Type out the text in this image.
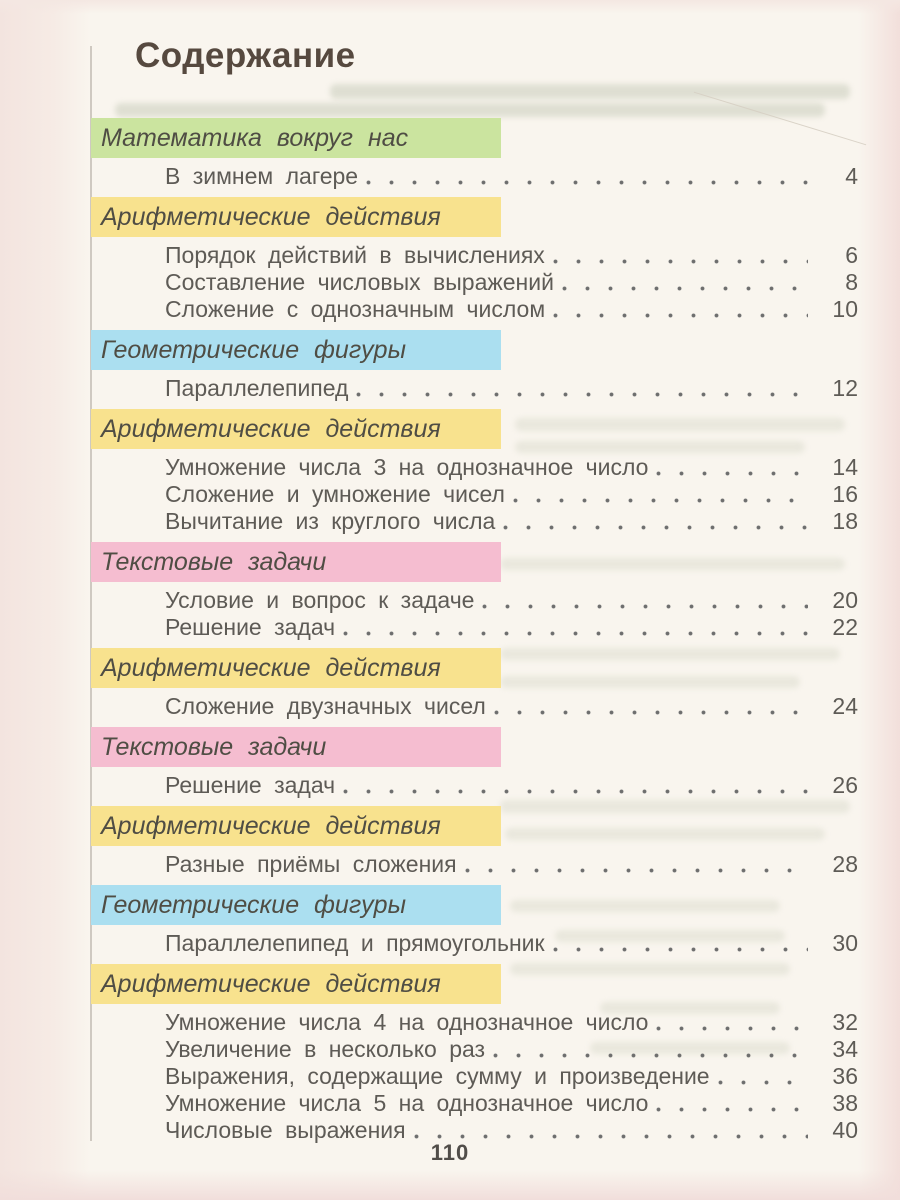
Содержание
Математика вокруг нас
В зимнем лагере	4
Арифметические действия
Порядок действий в вычислениях	6
Составление числовых выражений	8
Сложение с однозначным числом	10
Геометрические фигуры
Параллелепипед	12
Арифметические действия
Умножение числа 3 на однозначное число	14
Сложение и умножение чисел	16
Вычитание из круглого числа	18
Текстовые задачи
Условие и вопрос к задаче	20
Решение задач	22
Арифметические действия
Сложение двузначных чисел	24
Текстовые задачи
Решение задач	26
Арифметические действия
Разные приёмы сложения	28
Геометрические фигуры
Параллелепипед и прямоугольник	30
Арифметические действия
Умножение числа 4 на однозначное число	32
Увеличение в несколько раз	34
Выражения, содержащие сумму и произведение	36
Умножение числа 5 на однозначное число	38
Числовые выражения	40
110
